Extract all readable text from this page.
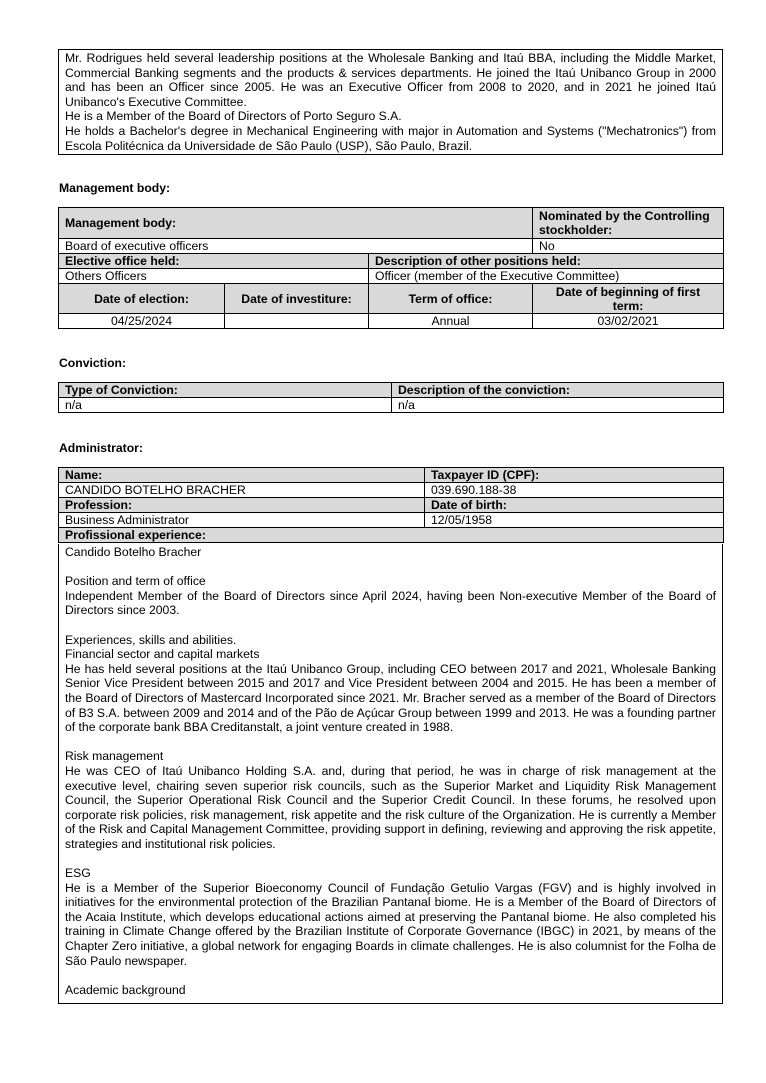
Mr. Rodrigues held several leadership positions at the Wholesale Banking and Itaú BBA, including the Middle Market, Commercial Banking segments and the products & services departments. He joined the Itaú Unibanco Group in 2000 and has been an Officer since 2005. He was an Executive Officer from 2008 to 2020, and in 2021 he joined Itaú Unibanco's Executive Committee.

He is a Member of the Board of Directors of Porto Seguro S.A.

He holds a Bachelor's degree in Mechanical Engineering with major in Automation and Systems ("Mechatronics") from Escola Politécnica da Universidade de São Paulo (USP), São Paulo, Brazil.

Management body:
Management body:			Nominated by the Controlling stockholder:
Board of executive officers			No
Elective office held:		Description of other positions held:	
Others Officers		Officer (member of the Executive Committee)	
Date of election:	Date of investiture:	Term of office:	Date of beginning of first term:
04/25/2024		Annual	03/02/2021
Conviction:
Type of Conviction:	Description of the conviction:
n/a	n/a
Administrator:
Name:	Taxpayer ID (CPF):
CANDIDO BOTELHO BRACHER	039.690.188-38
Profession:	Date of birth:
Business Administrator	12/05/1958
Profissional experience:	

Candido Botelho Bracher

Position and term of office

Independent Member of the Board of Directors since April 2024, having been Non-executive Member of the Board of Directors since 2003.

Experiences, skills and abilities.

Financial sector and capital markets

He has held several positions at the Itaú Unibanco Group, including CEO between 2017 and 2021, Wholesale Banking Senior Vice President between 2015 and 2017 and Vice President between 2004 and 2015. He has been a member of the Board of Directors of Mastercard Incorporated since 2021. Mr. Bracher served as a member of the Board of Directors of B3 S.A. between 2009 and 2014 and of the Pão de Açúcar Group between 1999 and 2013. He was a founding partner of the corporate bank BBA Creditanstalt, a joint venture created in 1988.

Risk management

He was CEO of Itaú Unibanco Holding S.A. and, during that period, he was in charge of risk management at the executive level, chairing seven superior risk councils, such as the Superior Market and Liquidity Risk Management Council, the Superior Operational Risk Council and the Superior Credit Council. In these forums, he resolved upon corporate risk policies, risk management, risk appetite and the risk culture of the Organization. He is currently a Member of the Risk and Capital Management Committee, providing support in defining, reviewing and approving the risk appetite, strategies and institutional risk policies.

ESG

He is a Member of the Superior Bioeconomy Council of Fundação Getulio Vargas (FGV) and is highly involved in initiatives for the environmental protection of the Brazilian Pantanal biome. He is a Member of the Board of Directors of the Acaia Institute, which develops educational actions aimed at preserving the Pantanal biome. He also completed his training in Climate Change offered by the Brazilian Institute of Corporate Governance (IBGC) in 2021, by means of the Chapter Zero initiative, a global network for engaging Boards in climate challenges. He is also columnist for the Folha de São Paulo newspaper.

Academic background
